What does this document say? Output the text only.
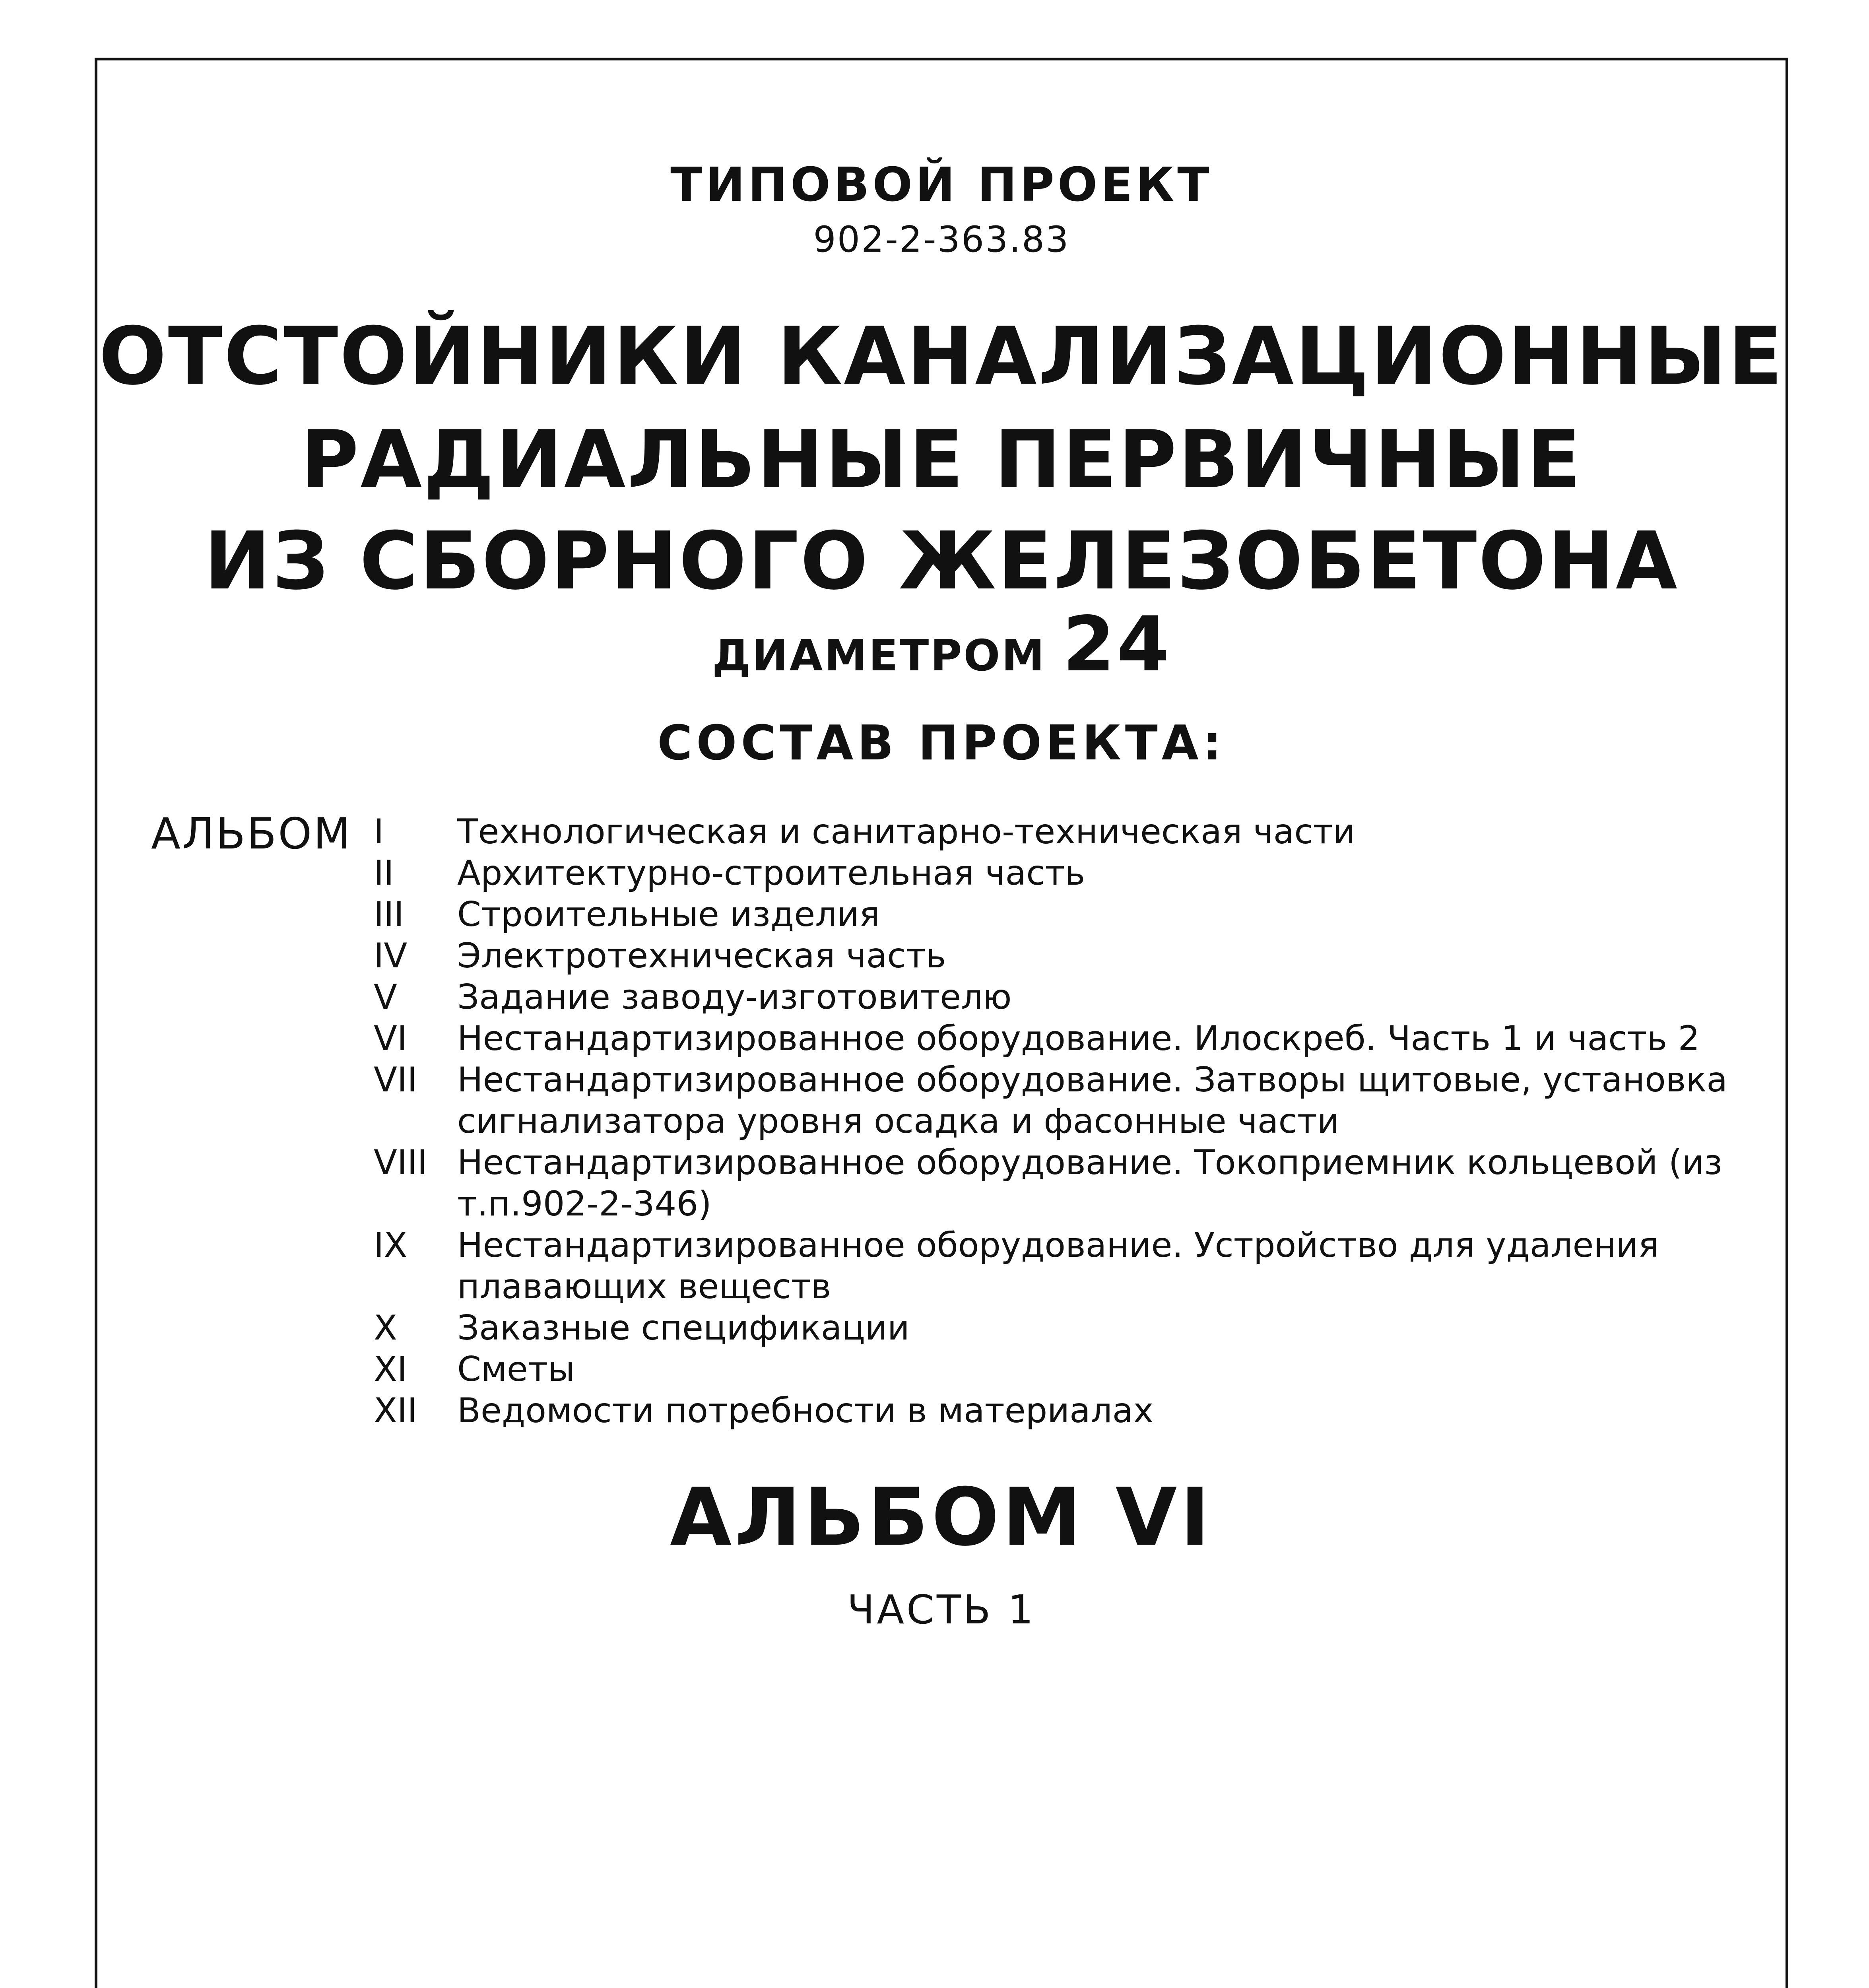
ТИПОВОЙ ПРОЕКТ
902-2-363.83
ОТСТОЙНИКИ КАНАЛИЗАЦИОННЫЕ
РАДИАЛЬНЫЕ ПЕРВИЧНЫЕ
ИЗ СБОРНОГО ЖЕЛЕЗОБЕТОНА
ДИАМЕТРОМ 24
СОСТАВ ПРОЕКТА:
АЛЬБОМ I	Технологическая и санитарно-техническая части
II	Архитектурно-строительная часть
III	Строительные изделия
IV	Электротехническая часть
V	Задание заводу-изготовителю
VI	Нестандартизированное оборудование. Илоскреб. Часть 1 и часть 2
VII	Нестандартизированное оборудование. Затворы щитовые, установка сигнализатора уровня осадка и фасонные части
VIII Нестандартизированное оборудование. Токоприемник кольцевой (из т.п.902-2-346)
IX	Нестандартизированное оборудование. Устройство для удаления плавающих веществ
X	Заказные спецификации
XI	Сметы
XII	Ведомости потребности в материалах
АЛЬБОМ VI
ЧАСТЬ 1
